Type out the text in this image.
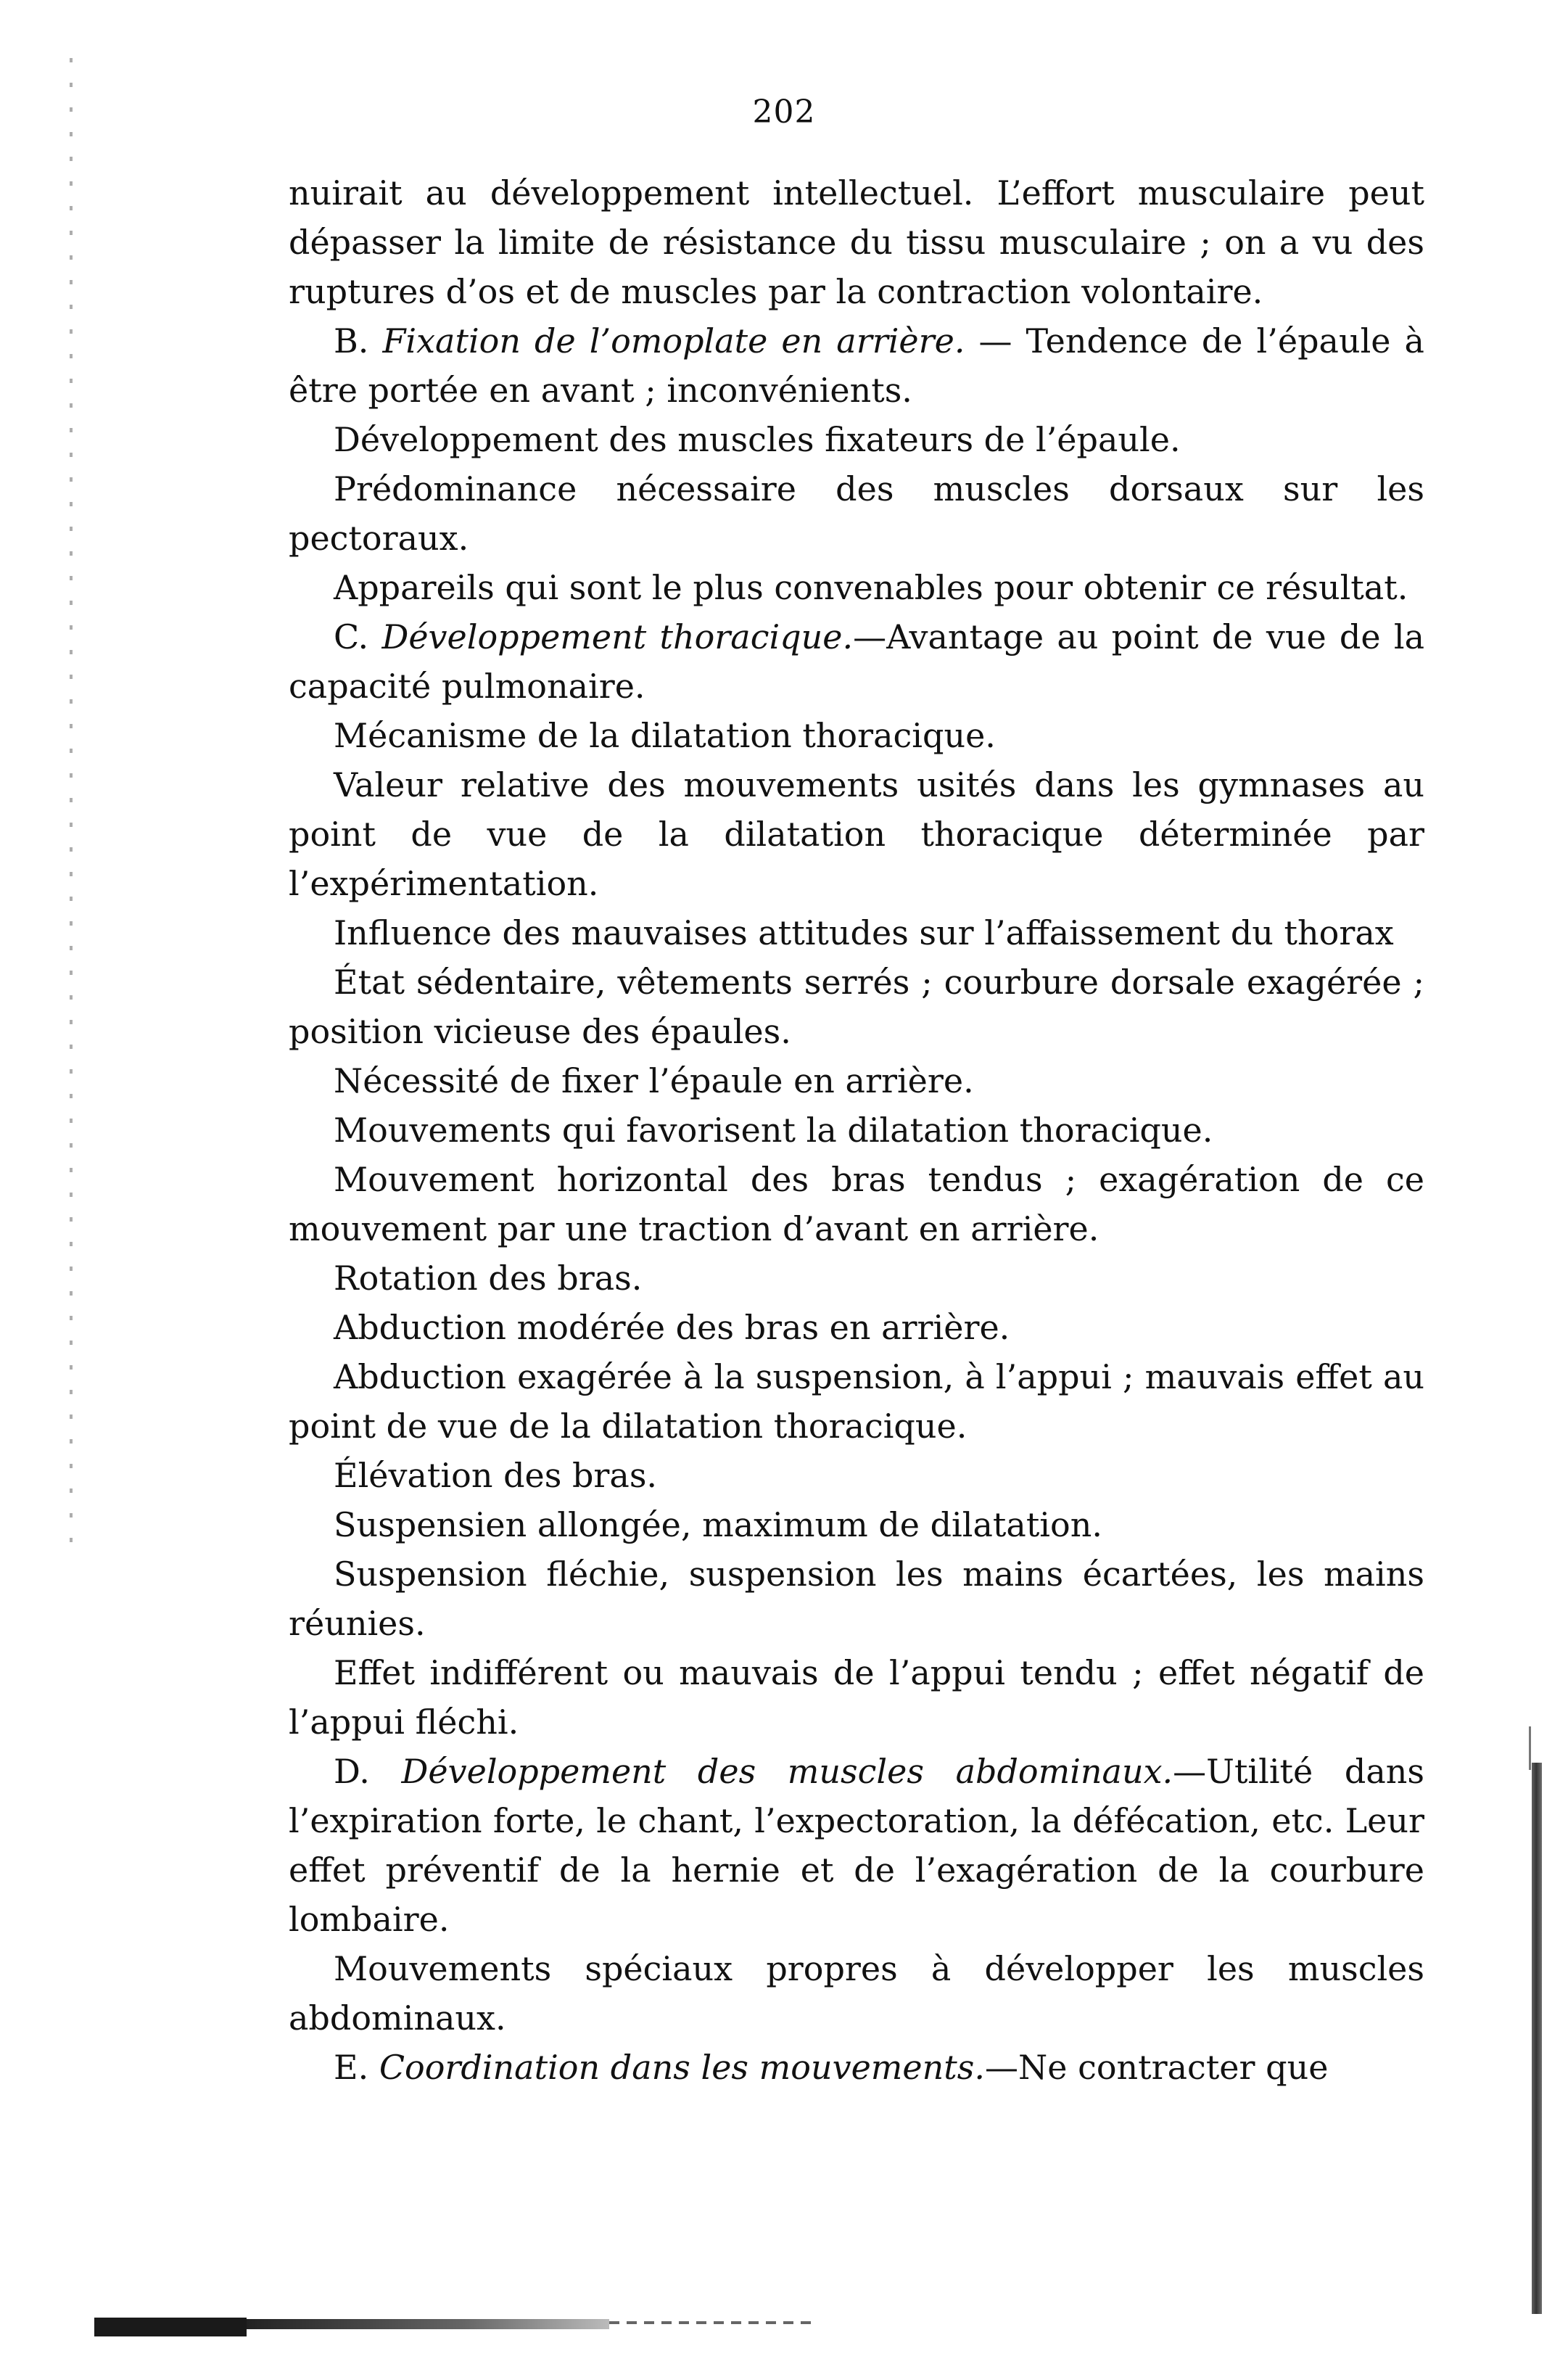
202

nuirait au développement intellectuel. L’effort musculaire peut dépasser la limite de résistance du tissu musculaire ; on a vu des ruptures d’os et de muscles par la contraction volontaire.

B. Fixation de l’omoplate en arrière. — Tendence de l’épaule à être portée en avant ; inconvénients.

Développement des muscles fixateurs de l’épaule.

Prédominance nécessaire des muscles dorsaux sur les pectoraux.

Appareils qui sont le plus convenables pour obtenir ce résultat.

C. Développement thoracique.—Avantage au point de vue de la capacité pulmonaire.

Mécanisme de la dilatation thoracique.

Valeur relative des mouvements usités dans les gymnases au point de vue de la dilatation thoracique déterminée par l’expérimentation.

Influence des mauvaises attitudes sur l’affaissement du thorax

État sédentaire, vêtements serrés ; courbure dorsale exagérée ; position vicieuse des épaules.

Nécessité de fixer l’épaule en arrière.

Mouvements qui favorisent la dilatation thoracique.

Mouvement horizontal des bras tendus ; exagération de ce mouvement par une traction d’avant en arrière.

Rotation des bras.

Abduction modérée des bras en arrière.

Abduction exagérée à la suspension, à l’appui ; mauvais effet au point de vue de la dilatation thoracique.

Élévation des bras.

Suspensien allongée, maximum de dilatation.

Suspension fléchie, suspension les mains écartées, les mains réunies.

Effet indifférent ou mauvais de l’appui tendu ; effet négatif de l’appui fléchi.

D. Développement des muscles abdominaux.—Utilité dans l’expiration forte, le chant, l’expectoration, la défécation, etc. Leur effet préventif de la hernie et de l’exagération de la courbure lombaire.

Mouvements spéciaux propres à développer les muscles abdominaux.

E. Coordination dans les mouvements.—Ne contracter que
